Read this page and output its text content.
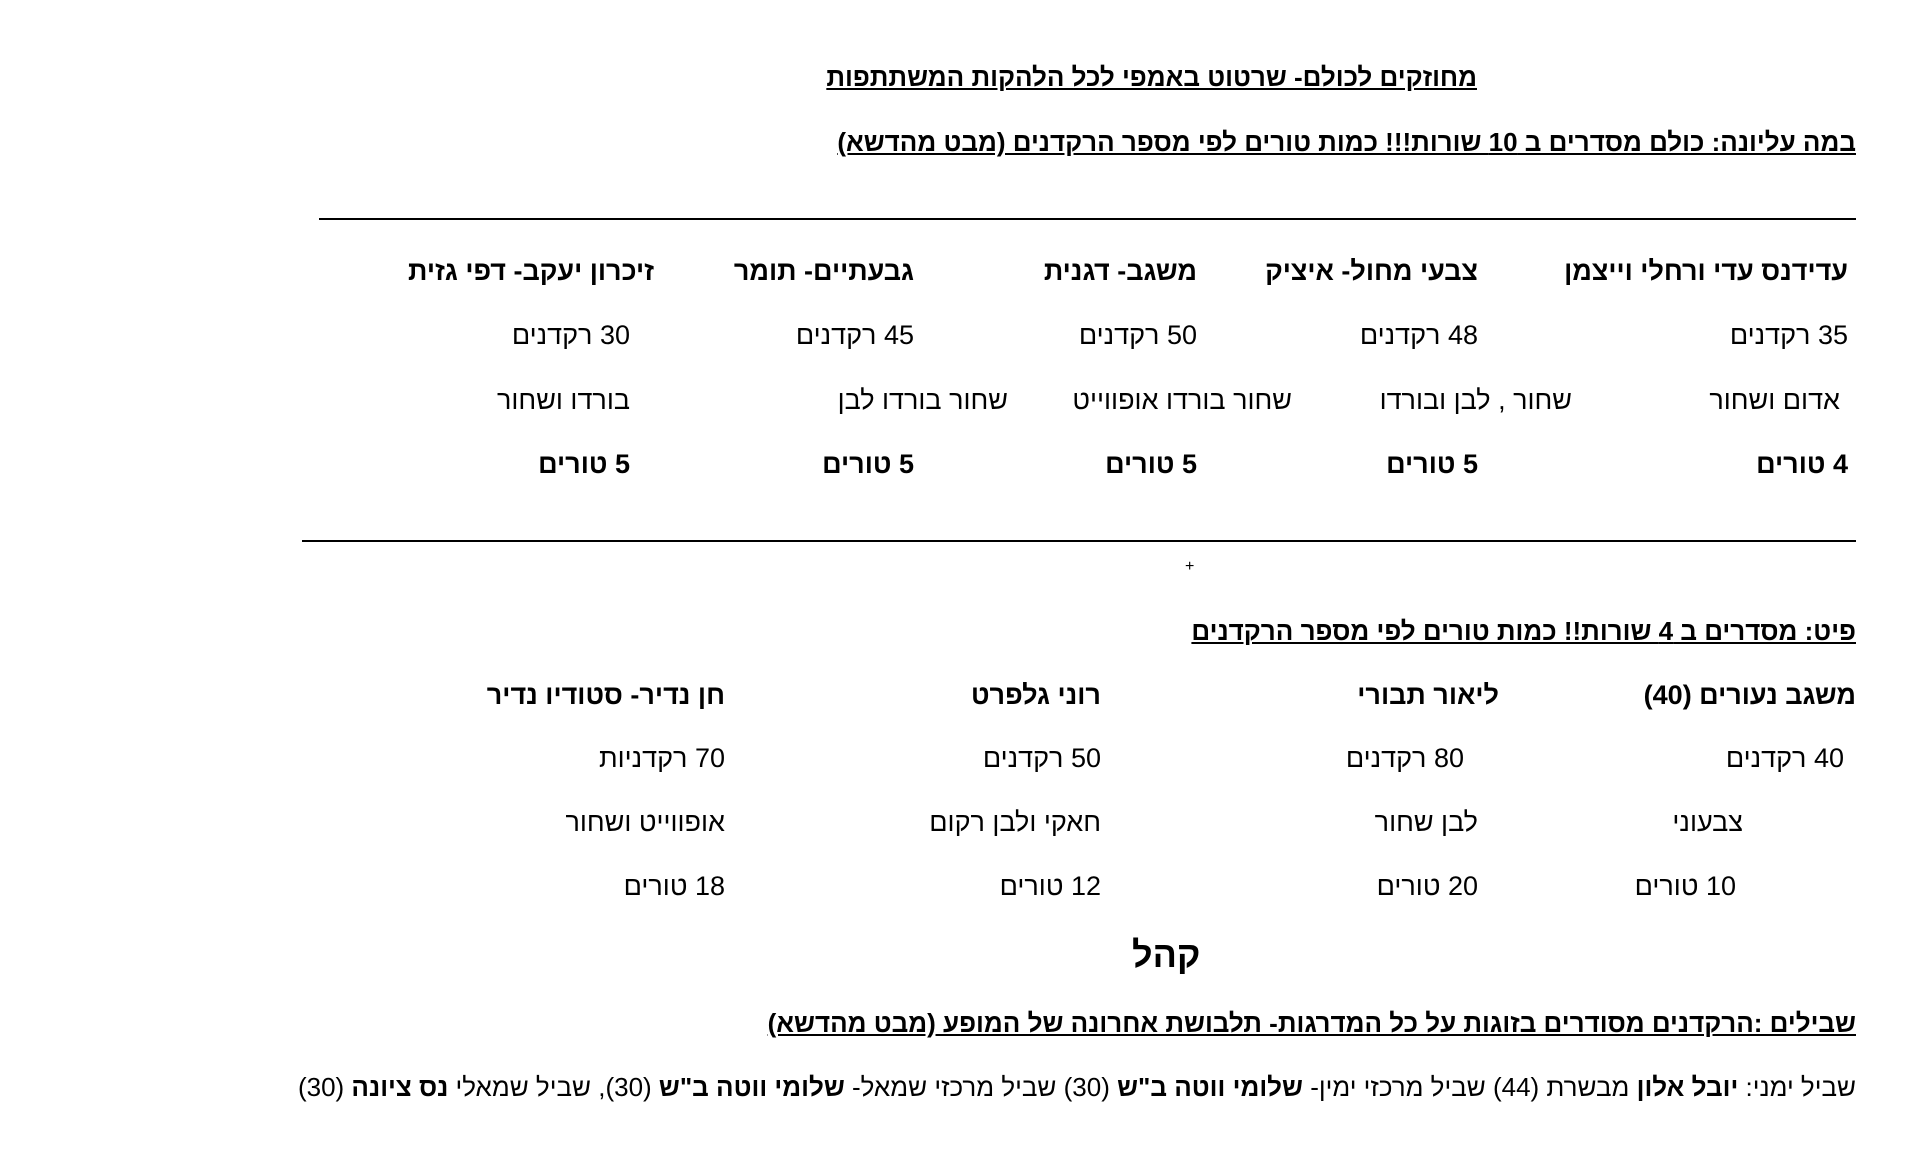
מחוזקים לכולם- שרטוט באמפי לכל הלהקות המשתתפות
במה עליונה: כולם מסדרים ב 10 שורות!!! כמות טורים לפי מספר הרקדנים (מבט מהדשא)
עדידנס עדי ורחלי וייצמן
35 רקדנים
אדום ושחור
4 טורים
צבעי מחול- איציק
48 רקדנים
שחור , לבן ובורדו
5 טורים
משגב- דגנית
50 רקדנים
שחור בורדו אופווייט
5 טורים
גבעתיים- תומר
45 רקדנים
שחור בורדו לבן
5 טורים
זיכרון יעקב- דפי גזית
30 רקדנים
בורדו ושחור
5 טורים
+
פיט: מסדרים ב 4 שורות!! כמות טורים לפי מספר הרקדנים
משגב נעורים (40)
40 רקדנים
צבעוני
10 טורים
ליאור תבורי
80 רקדנים
לבן שחור
20 טורים
רוני גלפרט
50 רקדנים
חאקי ולבן רקום
12 טורים
חן נדיר- סטודיו נדיר
70 רקדניות
אופווייט ושחור
18 טורים
קהל
שבילים :הרקדנים מסודרים בזוגות על כל המדרגות- תלבושת אחרונה של המופע (מבט מהדשא)
שביל ימני: יובל אלון מבשרת (44) שביל מרכזי ימין- שלומי ווטה ב"ש (30) שביל מרכזי שמאל- שלומי ווטה ב"ש (30), שביל שמאלי נס ציונה (30)
